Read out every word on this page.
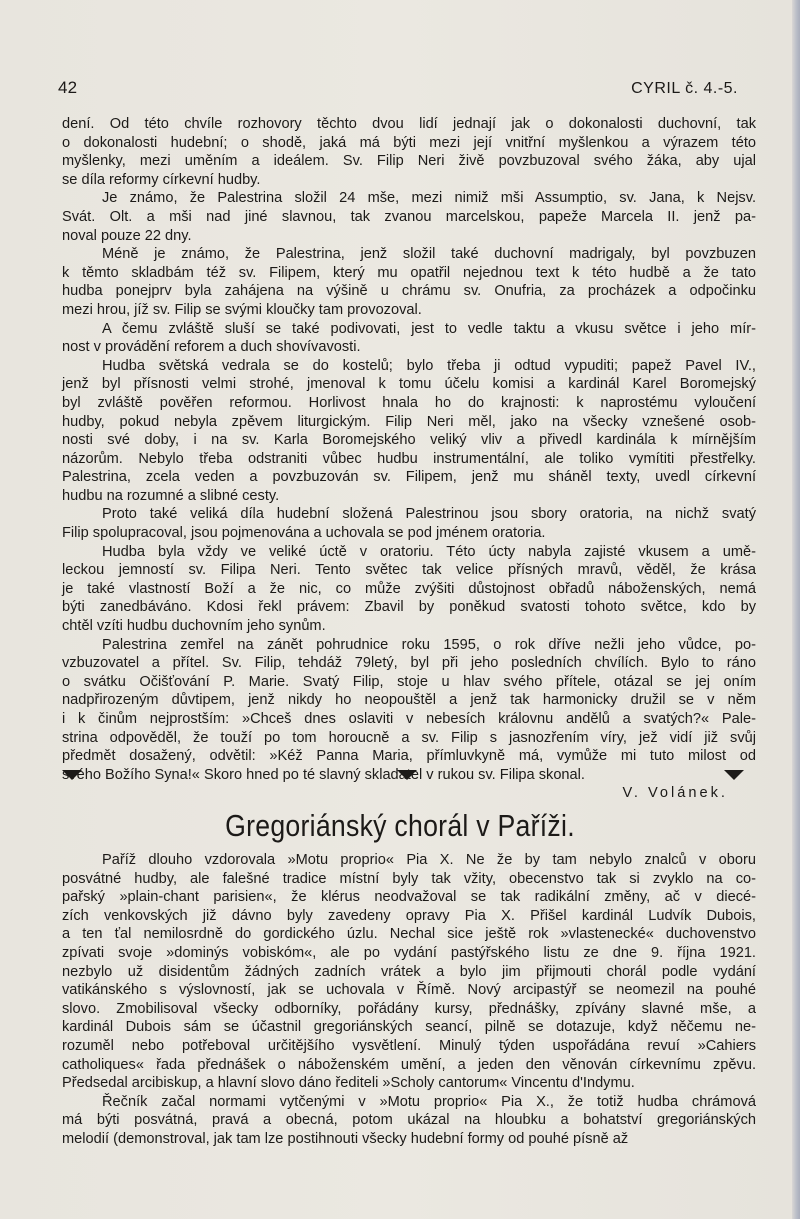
42	CYRIL č. 4.-5.

dení. Od této chvíle rozhovory těchto dvou lidí jednají jak o dokonalosti duchovní, tak
o dokonalosti hudební; o shodě, jaká má býti mezi její vnitřní myšlenkou a výrazem této
myšlenky, mezi uměním a ideálem. Sv. Filip Neri živě povzbuzoval svého žáka, aby ujal
se díla reformy církevní hudby.

Je známo, že Palestrina složil 24 mše, mezi nimiž mši Assumptio, sv. Jana, k Nejsv.
Svát. Olt. a mši nad jiné slavnou, tak zvanou marcelskou, papeže Marcela II. jenž pa-
noval pouze 22 dny.

Méně je známo, že Palestrina, jenž složil také duchovní madrigaly, byl povzbuzen
k těmto skladbám též sv. Filipem, který mu opatřil nejednou text k této hudbě a že tato
hudba ponejprv byla zahájena na výšině u chrámu sv. Onufria, za procházek a odpočinku
mezi hrou, jíž sv. Filip se svými kloučky tam provozoval.

A čemu zvláště sluší se také podivovati, jest to vedle taktu a vkusu světce i jeho mír-
nost v provádění reforem a duch shovívavosti.

Hudba světská vedrala se do kostelů; bylo třeba ji odtud vypuditi; papež Pavel IV.,
jenž byl přísnosti velmi strohé, jmenoval k tomu účelu komisi a kardinál Karel Boromejský
byl zvláště pověřen reformou. Horlivost hnala ho do krajnosti: k naprostému vyloučení
hudby, pokud nebyla zpěvem liturgickým. Filip Neri měl, jako na všecky vznešené osob-
nosti své doby, i na sv. Karla Boromejského veliký vliv a přivedl kardinála k mírnějším
názorům. Nebylo třeba odstraniti vůbec hudbu instrumentální, ale toliko vymítiti přestřelky.
Palestrina, zcela veden a povzbuzován sv. Filipem, jenž mu sháněl texty, uvedl církevní
hudbu na rozumné a slibné cesty.

Proto také veliká díla hudební složená Palestrinou jsou sbory oratoria, na nichž svatý
Filip spolupracoval, jsou pojmenována a uchovala se pod jménem oratoria.

Hudba byla vždy ve veliké úctě v oratoriu. Této úcty nabyla zajisté vkusem a umě-
leckou jemností sv. Filipa Neri. Tento světec tak velice přísných mravů, věděl, že krása
je také vlastností Boží a že nic, co může zvýšiti důstojnost obřadů náboženských, nemá
býti zanedbáváno. Kdosi řekl právem: Zbavil by poněkud svatosti tohoto světce, kdo by
chtěl vzíti hudbu duchovním jeho synům.

Palestrina zemřel na zánět pohrudnice roku 1595, o rok dříve nežli jeho vůdce, po-
vzbuzovatel a přítel. Sv. Filip, tehdáž 79letý, byl při jeho posledních chvílích. Bylo to ráno
o svátku Očišťování P. Marie. Svatý Filip, stoje u hlav svého přítele, otázal se jej oním
nadpřirozeným důvtipem, jenž nikdy ho neopouštěl a jenž tak harmonicky družil se v něm
i k činům nejprostším: »Chceš dnes oslaviti v nebesích královnu andělů a svatých?« Pale-
strina odpověděl, že touží po tom horoucně a sv. Filip s jasnozřením víry, jež vidí již svůj
předmět dosažený, odvětil: »Kéž Panna Maria, přímluvkyně má, vymůže mi tuto milost od
svého Božího Syna!« Skoro hned po té slavný skladatel v rukou sv. Filipa skonal.

V. Volánek.
Gregoriánský chorál v Paříži.

Paříž dlouho vzdorovala »Motu proprio« Pia X. Ne že by tam nebylo znalců v oboru
posvátné hudby, ale falešné tradice místní byly tak vžity, obecenstvo tak si zvyklo na co-
pařský »plain-chant parisien«, že klérus neodvažoval se tak radikální změny, ač v diecé-
zích venkovských již dávno byly zavedeny opravy Pia X. Přišel kardinál Ludvík Dubois,
a ten ťal nemilosrdně do gordického úzlu. Nechal sice ještě rok »vlastenecké« duchovenstvo
zpívati svoje »dominýs vobiskóm«, ale po vydání pastýřského listu ze dne 9. října 1921.
nezbylo už disidentům žádných zadních vrátek a bylo jim přijmouti chorál podle vydání
vatikánského s výslovností, jak se uchovala v Římě. Nový arcipastýř se neomezil na pouhé
slovo. Zmobilisoval všecky odborníky, pořádány kursy, přednášky, zpívány slavné mše, a
kardinál Dubois sám se účastnil gregoriánských seancí, pilně se dotazuje, když něčemu ne-
rozuměl nebo potřeboval určitějšího vysvětlení. Minulý týden uspořádána revuí »Cahiers
catholiques« řada přednášek o náboženském umění, a jeden den věnován církevnímu zpěvu.
Předsedal arcibiskup, a hlavní slovo dáno řediteli »Scholy cantorum« Vincentu d'Indymu.

Řečník začal normami vytčenými v »Motu proprio« Pia X., že totiž hudba chrámová
má býti posvátná, pravá a obecná, potom ukázal na hloubku a bohatství gregoriánských
melodií (demonstroval, jak tam lze postihnouti všecky hudební formy od pouhé písně až
